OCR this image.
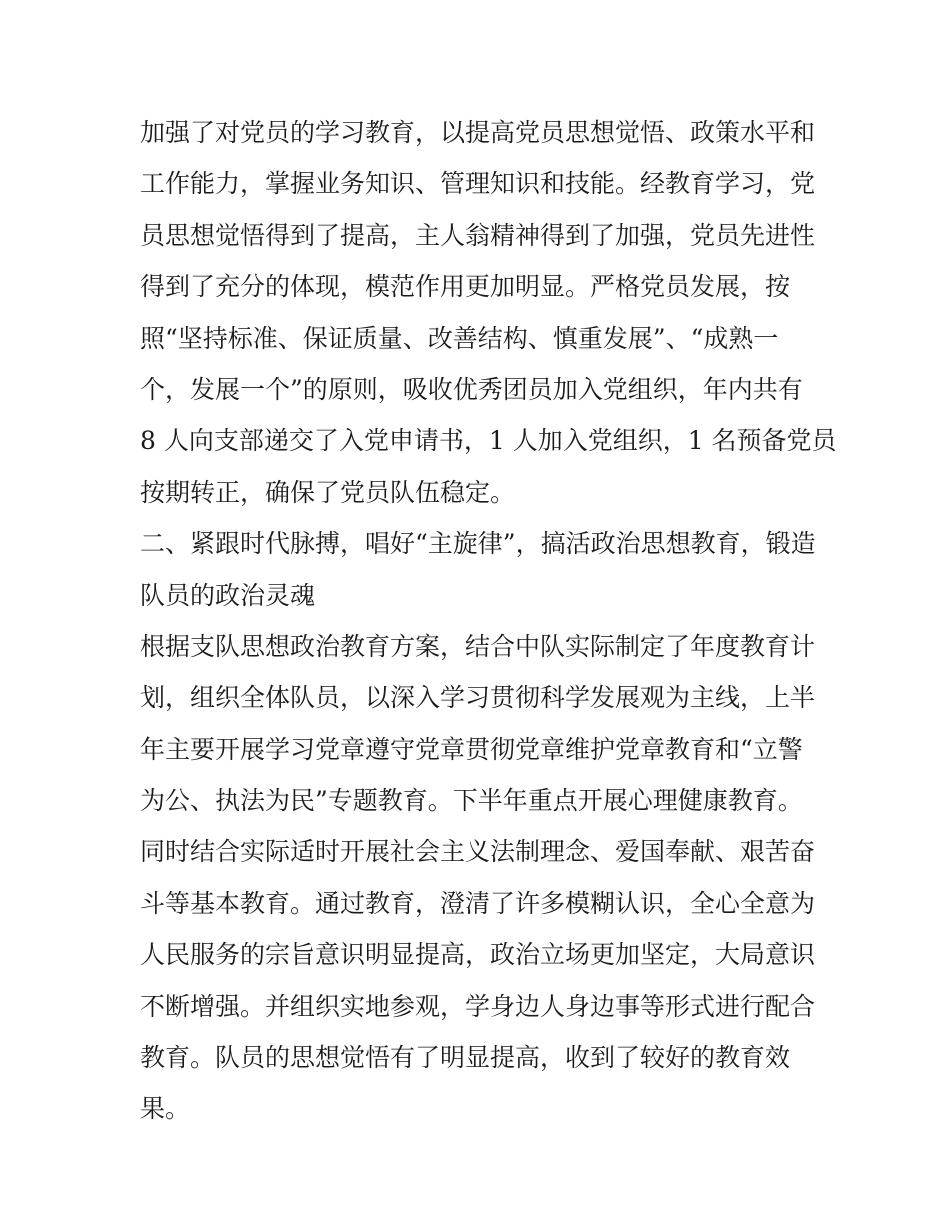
加强了对党员的学习教育，以提高党员思想觉悟、政策水平和
工作能力，掌握业务知识、管理知识和技能。经教育学习，党
员思想觉悟得到了提高，主人翁精神得到了加强，党员先进性
得到了充分的体现，模范作用更加明显。严格党员发展，按
照“坚持标准、保证质量、改善结构、慎重发展”、“成熟一
个，发展一个”的原则，吸收优秀团员加入党组织，年内共有
8 人向支部递交了入党申请书，1 人加入党组织，1 名预备党员
按期转正，确保了党员队伍稳定。
二、紧跟时代脉搏，唱好“主旋律”，搞活政治思想教育，锻造
队员的政治灵魂
根据支队思想政治教育方案，结合中队实际制定了年度教育计
划，组织全体队员，以深入学习贯彻科学发展观为主线，上半
年主要开展学习党章遵守党章贯彻党章维护党章教育和“立警
为公、执法为民”专题教育。下半年重点开展心理健康教育。
同时结合实际适时开展社会主义法制理念、爱国奉献、艰苦奋
斗等基本教育。通过教育，澄清了许多模糊认识，全心全意为
人民服务的宗旨意识明显提高，政治立场更加坚定，大局意识
不断增强。并组织实地参观，学身边人身边事等形式进行配合
教育。队员的思想觉悟有了明显提高，收到了较好的教育效
果。
